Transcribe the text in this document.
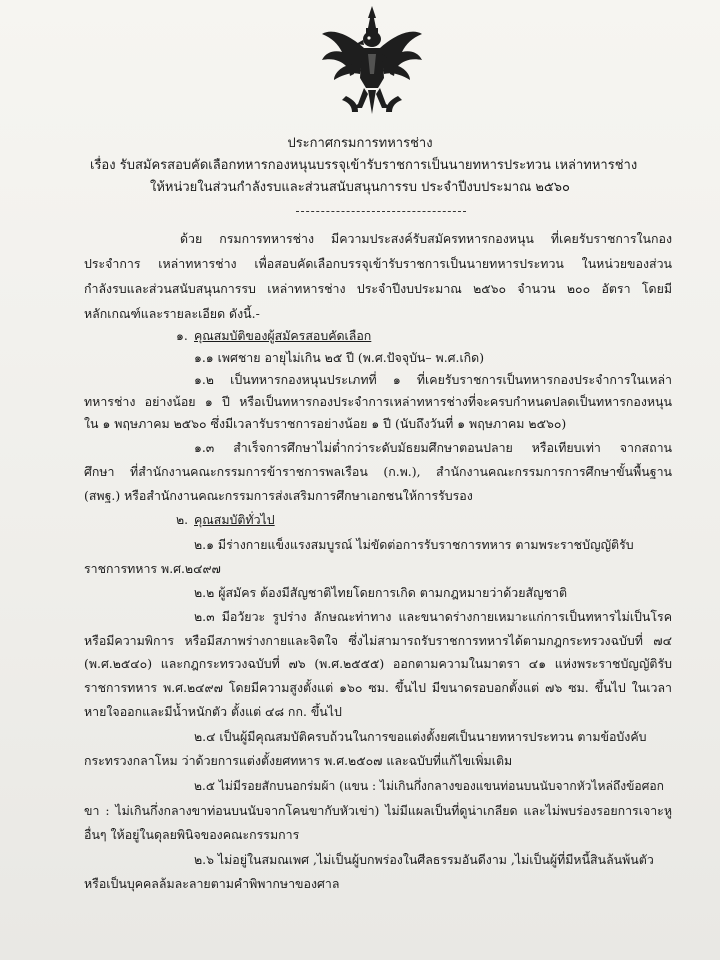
ประกาศกรมการทหารช่าง
เรื่อง รับสมัครสอบคัดเลือกทหารกองหนุนบรรจุเข้ารับราชการเป็นนายทหารประทวน เหล่าทหารช่าง
ให้หน่วยในส่วนกำลังรบและส่วนสนับสนุนการรบ ประจำปีงบประมาณ ๒๕๖๐
ด้วย กรมการทหารช่าง มีความประสงค์รับสมัครทหารกองหนุน ที่เคยรับราชการในกอง
ประจำการ เหล่าทหารช่าง เพื่อสอบคัดเลือกบรรจุเข้ารับราชการเป็นนายทหารประทวน ในหน่วยของส่วน
กำลังรบและส่วนสนับสนุนการรบ เหล่าทหารช่าง ประจำปีงบประมาณ ๒๕๖๐ จำนวน ๒๐๐ อัตรา โดยมี
หลักเกณฑ์และรายละเอียด ดังนี้.-
๑. คุณสมบัติของผู้สมัครสอบคัดเลือก
๑.๑ เพศชาย อายุไม่เกิน ๒๕ ปี (พ.ศ.ปัจจุบัน– พ.ศ.เกิด)
๑.๒ เป็นทหารกองหนุนประเภทที่ ๑ ที่เคยรับราชการเป็นทหารกองประจำการในเหล่า
ทหารช่าง อย่างน้อย ๑ ปี หรือเป็นทหารกองประจำการเหล่าทหารช่างที่จะครบกำหนดปลดเป็นทหารกองหนุน
ใน ๑ พฤษภาคม ๒๕๖๐ ซึ่งมีเวลารับราชการอย่างน้อย ๑ ปี (นับถึงวันที่ ๑ พฤษภาคม ๒๕๖๐)
๑.๓ สำเร็จการศึกษาไม่ต่ำกว่าระดับมัธยมศึกษาตอนปลาย หรือเทียบเท่า จากสถาน
ศึกษา ที่สำนักงานคณะกรรมการข้าราชการพลเรือน (ก.พ.), สำนักงานคณะกรรมการการศึกษาขั้นพื้นฐาน
(สพฐ.) หรือสำนักงานคณะกรรมการส่งเสริมการศึกษาเอกชนให้การรับรอง
๒. คุณสมบัติทั่วไป
๒.๑ มีร่างกายแข็งแรงสมบูรณ์ ไม่ขัดต่อการรับราชการทหาร ตามพระราชบัญญัติรับ
ราชการทหาร พ.ศ.๒๔๙๗
๒.๒ ผู้สมัคร ต้องมีสัญชาติไทยโดยการเกิด ตามกฎหมายว่าด้วยสัญชาติ
๒.๓ มีอวัยวะ รูปร่าง ลักษณะท่าทาง และขนาดร่างกายเหมาะแก่การเป็นทหารไม่เป็นโรค
หรือมีความพิการ หรือมีสภาพร่างกายและจิตใจ ซึ่งไม่สามารถรับราชการทหารได้ตามกฎกระทรวงฉบับที่ ๗๔
(พ.ศ.๒๕๔๐) และกฎกระทรวงฉบับที่ ๗๖ (พ.ศ.๒๕๕๕) ออกตามความในมาตรา ๔๑ แห่งพระราชบัญญัติรับ
ราชการทหาร พ.ศ.๒๔๙๗ โดยมีความสูงตั้งแต่ ๑๖๐ ซม. ขึ้นไป มีขนาดรอบอกตั้งแต่ ๗๖ ซม. ขึ้นไป ในเวลา
หายใจออกและมีน้ำหนักตัว ตั้งแต่ ๔๘ กก. ขึ้นไป
๒.๔ เป็นผู้มีคุณสมบัติครบถ้วนในการขอแต่งตั้งยศเป็นนายทหารประทวน ตามข้อบังคับ
กระทรวงกลาโหม ว่าด้วยการแต่งตั้งยศทหาร พ.ศ.๒๕๐๗ และฉบับที่แก้ไขเพิ่มเติม
๒.๕ ไม่มีรอยสักบนอกร่มผ้า (แขน : ไม่เกินกึ่งกลางของแขนท่อนบนนับจากหัวไหล่ถึงข้อศอก
ขา : ไม่เกินกึ่งกลางขาท่อนบนนับจากโคนขากับหัวเข่า) ไม่มีแผลเป็นที่ดูน่าเกลียด และไม่พบร่องรอยการเจาะหู
อื่นๆ ให้อยู่ในดุลยพินิจของคณะกรรมการ
๒.๖ ไม่อยู่ในสมณเพศ ,ไม่เป็นผู้บกพร่องในศีลธรรมอันดีงาม ,ไม่เป็นผู้ที่มีหนี้สินล้นพ้นตัว
หรือเป็นบุคคลล้มละลายตามคำพิพากษาของศาล
